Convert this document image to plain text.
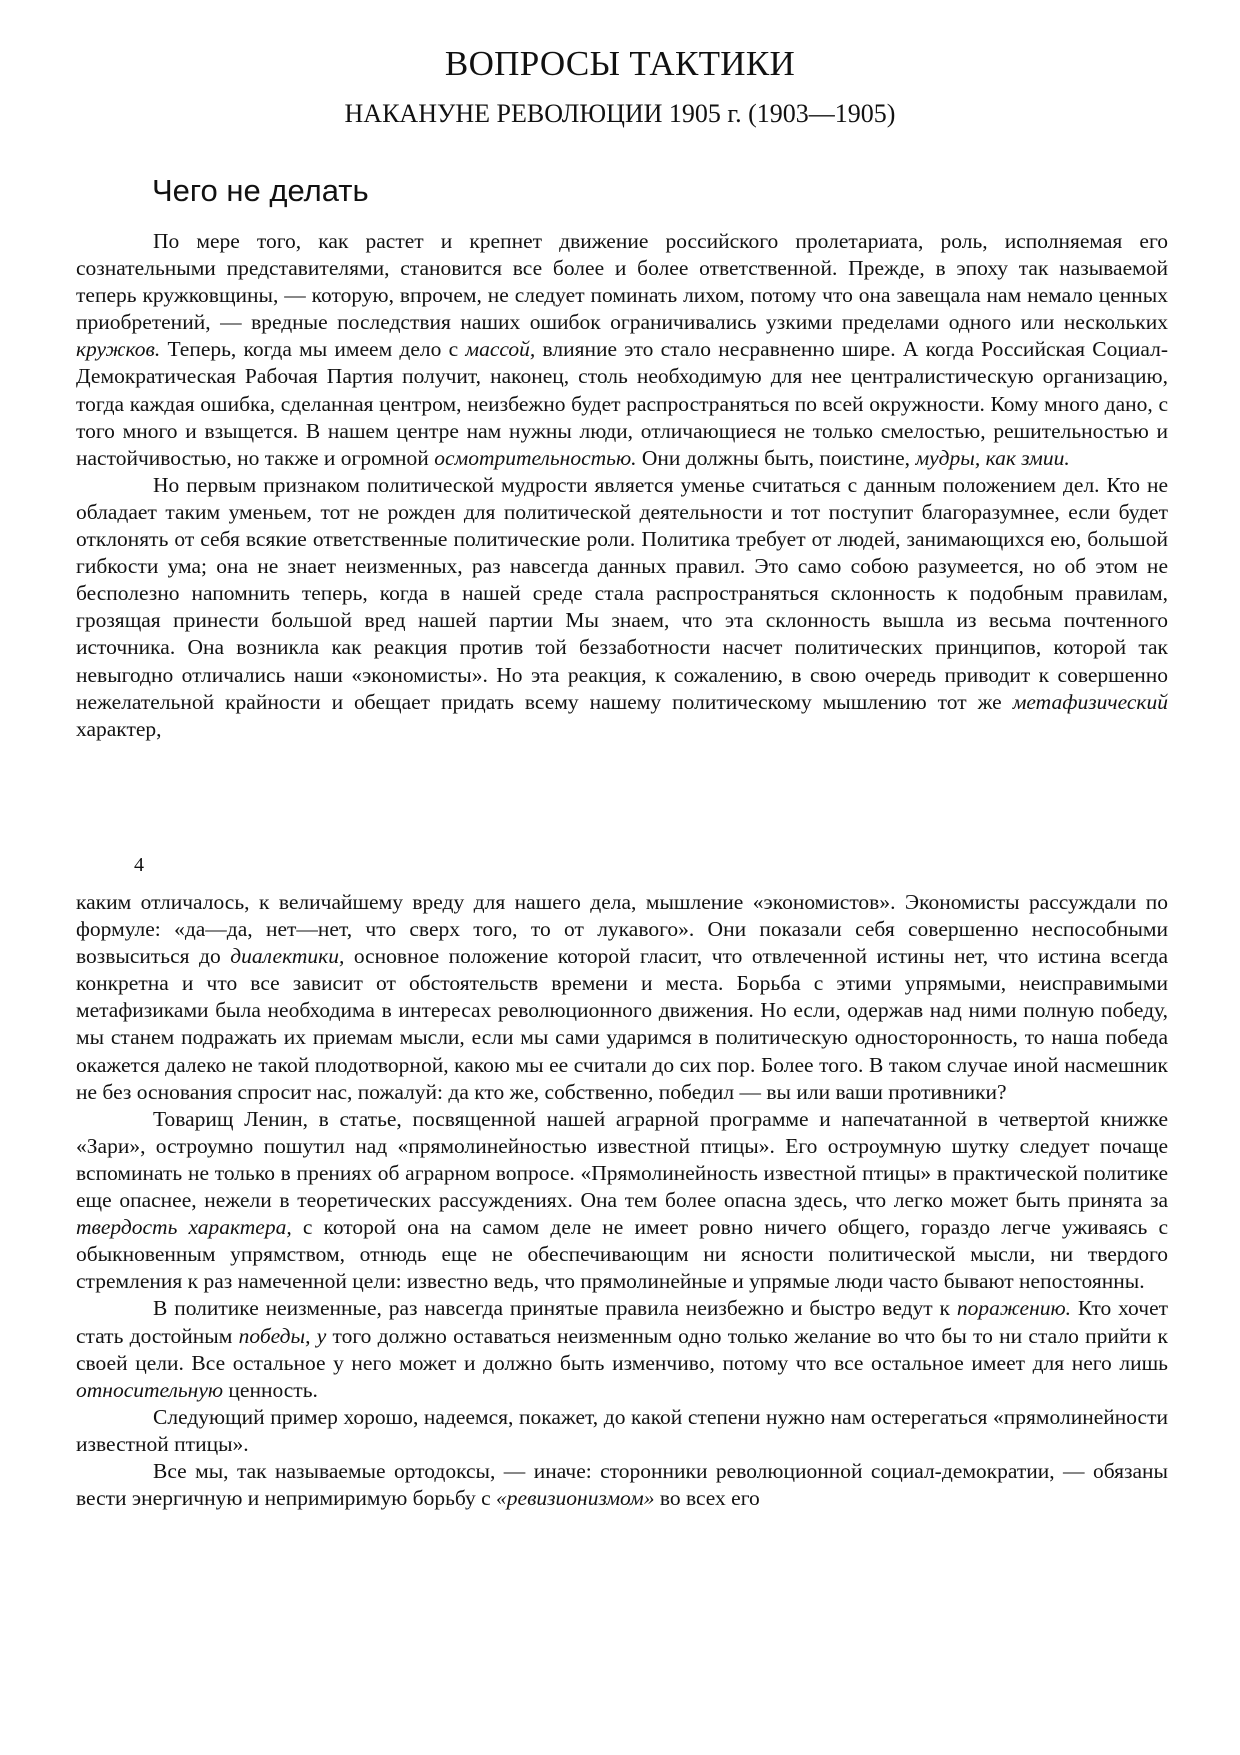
ВОПРОСЫ ТАКТИКИ
НАКАНУНЕ РЕВОЛЮЦИИ 1905 г. (1903—1905)
Чего не делать

По мере того, как растет и крепнет движение российского пролетариата, роль, исполняемая его сознательными представителями, становится все более и более ответственной. Прежде, в эпоху так называемой теперь кружковщины, — которую, впрочем, не следует поминать лихом, потому что она завещала нам немало ценных приобретений, — вредные последствия наших ошибок ограничивались узкими пределами одного или нескольких кружков. Теперь, когда мы имеем дело с массой, влияние это стало несравненно шире. А когда Российская Социал-Демократическая Рабочая Партия получит, наконец, столь необходимую для нее централистическую организацию, тогда каждая ошибка, сделанная центром, неизбежно будет распространяться по всей окружности. Кому много дано, с того много и взыщется. В нашем центре нам нужны люди, отличающиеся не только смелостью, решительностью и настойчивостью, но также и огромной осмотрительностью. Они должны быть, поистине, мудры, как змии.

Но первым признаком политической мудрости является уменье считаться с данным положением дел. Кто не обладает таким уменьем, тот не рожден для политической деятельности и тот поступит благоразумнее, если будет отклонять от себя всякие ответственные политические роли. Политика требует от людей, занимающихся ею, большой гибкости ума; она не знает неизменных, раз навсегда данных правил. Это само собою разумеется, но об этом не бесполезно напомнить теперь, когда в нашей среде стала распространяться склонность к подобным правилам, грозящая принести большой вред нашей партии Мы знаем, что эта склонность вышла из весьма почтенного источника. Она возникла как реакция против той беззаботности насчет политических принципов, которой так невыгодно отличались наши «экономисты». Но эта реакция, к сожалению, в свою очередь приводит к совершенно нежелательной крайности и обещает придать всему нашему политическому мышлению тот же метафизический характер,

4

каким отличалось, к величайшему вреду для нашего дела, мышление «экономистов». Экономисты рассуждали по формуле: «да—да, нет—нет, что сверх того, то от лукавого». Они показали себя совершенно неспособными возвыситься до диалектики, основное положение которой гласит, что отвлеченной истины нет, что истина всегда конкретна и что все зависит от обстоятельств времени и места. Борьба с этими упрямыми, неисправимыми метафизиками была необходима в интересах революционного движения. Но если, одержав над ними полную победу, мы станем подражать их приемам мысли, если мы сами ударимся в политическую односторонность, то наша победа окажется далеко не такой плодотворной, какою мы ее считали до сих пор. Более того. В таком случае иной насмешник не без основания спросит нас, пожалуй: да кто же, собственно, победил — вы или ваши противники?

Товарищ Ленин, в статье, посвященной нашей аграрной программе и напечатанной в четвертой книжке «Зари», остроумно пошутил над «прямолинейностью известной птицы». Его остроумную шутку следует почаще вспоминать не только в прениях об аграрном вопросе. «Прямолинейность известной птицы» в практической политике еще опаснее, нежели в теоретических рассуждениях. Она тем более опасна здесь, что легко может быть принята за твердость характера, с которой она на самом деле не имеет ровно ничего общего, гораздо легче уживаясь с обыкновенным упрямством, отнюдь еще не обеспечивающим ни ясности политической мысли, ни твердого стремления к раз намеченной цели: известно ведь, что прямолинейные и упрямые люди часто бывают непостоянны.

В политике неизменные, раз навсегда принятые правила неизбежно и быстро ведут к поражению. Кто хочет стать достойным победы, у того должно оставаться неизменным одно только желание во что бы то ни стало прийти к своей цели. Все остальное у него может и должно быть изменчиво, потому что все остальное имеет для него лишь относительную ценность.

Следующий пример хорошо, надеемся, покажет, до какой степени нужно нам остерегаться «прямолинейности известной птицы».

Все мы, так называемые ортодоксы, — иначе: сторонники революционной социал-демократии, — обязаны вести энергичную и непримиримую борьбу с «ревизионизмом» во всех его
